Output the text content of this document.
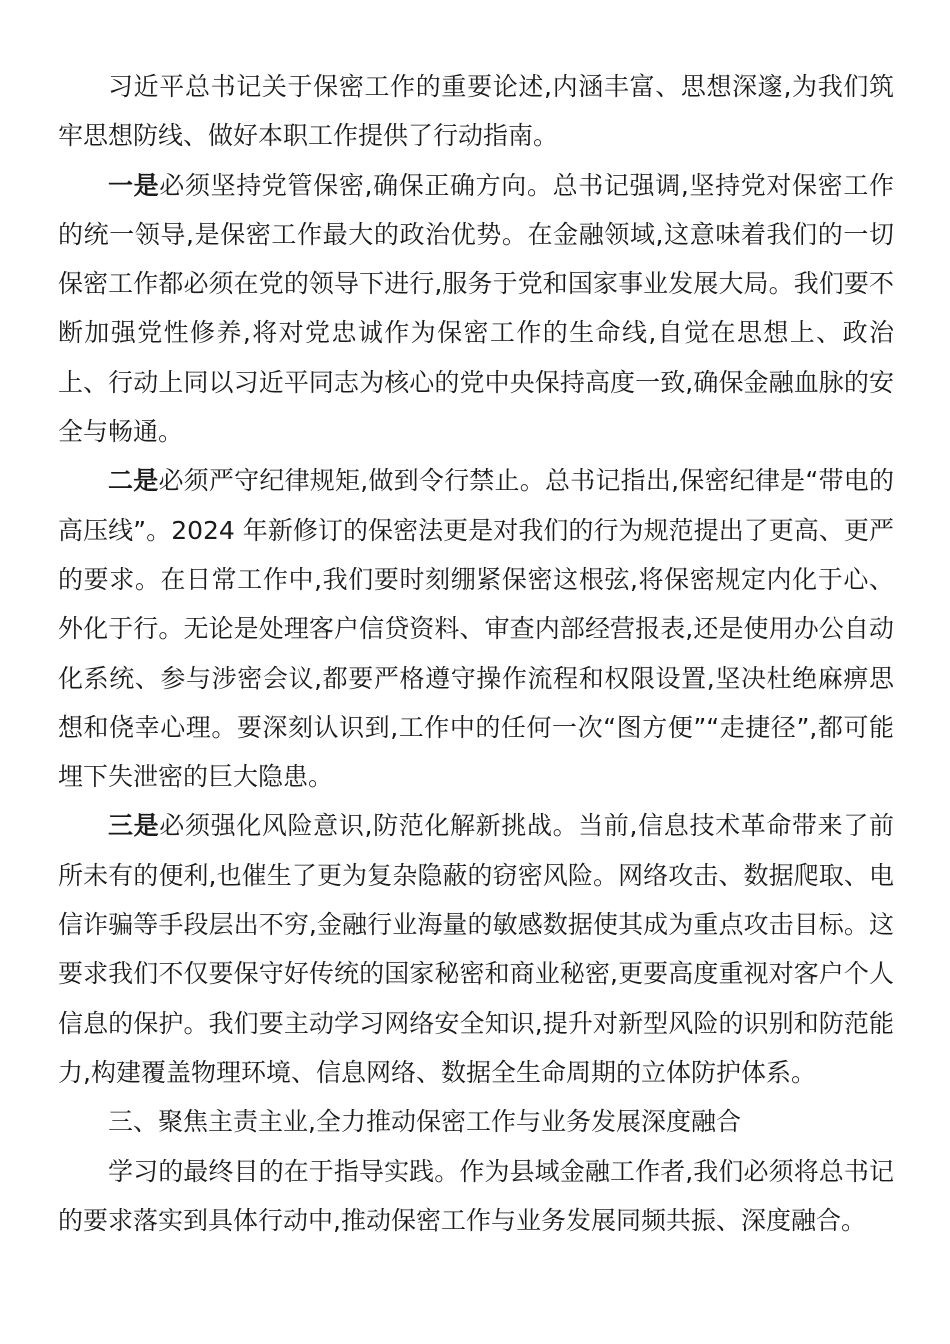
习近平总书记关于保密工作的重要论述,内涵丰富、思想深邃,为我们筑牢思想防线、做好本职工作提供了行动指南。

一是必须坚持党管保密,确保正确方向。总书记强调,坚持党对保密工作的统一领导,是保密工作最大的政治优势。在金融领域,这意味着我们的一切保密工作都必须在党的领导下进行,服务于党和国家事业发展大局。我们要不断加强党性修养,将对党忠诚作为保密工作的生命线,自觉在思想上、政治上、行动上同以习近平同志为核心的党中央保持高度一致,确保金融血脉的安全与畅通。

二是必须严守纪律规矩,做到令行禁止。总书记指出,保密纪律是“带电的高压线”。2024 年新修订的保密法更是对我们的行为规范提出了更高、更严的要求。在日常工作中,我们要时刻绷紧保密这根弦,将保密规定内化于心、外化于行。无论是处理客户信贷资料、审查内部经营报表,还是使用办公自动化系统、参与涉密会议,都要严格遵守操作流程和权限设置,坚决杜绝麻痹思想和侥幸心理。要深刻认识到,工作中的任何一次“图方便”“走捷径”,都可能埋下失泄密的巨大隐患。

三是必须强化风险意识,防范化解新挑战。当前,信息技术革命带来了前所未有的便利,也催生了更为复杂隐蔽的窃密风险。网络攻击、数据爬取、电信诈骗等手段层出不穷,金融行业海量的敏感数据使其成为重点攻击目标。这要求我们不仅要保守好传统的国家秘密和商业秘密,更要高度重视对客户个人信息的保护。我们要主动学习网络安全知识,提升对新型风险的识别和防范能力,构建覆盖物理环境、信息网络、数据全生命周期的立体防护体系。

三、聚焦主责主业,全力推动保密工作与业务发展深度融合

学习的最终目的在于指导实践。作为县域金融工作者,我们必须将总书记的要求落实到具体行动中,推动保密工作与业务发展同频共振、深度融合。
